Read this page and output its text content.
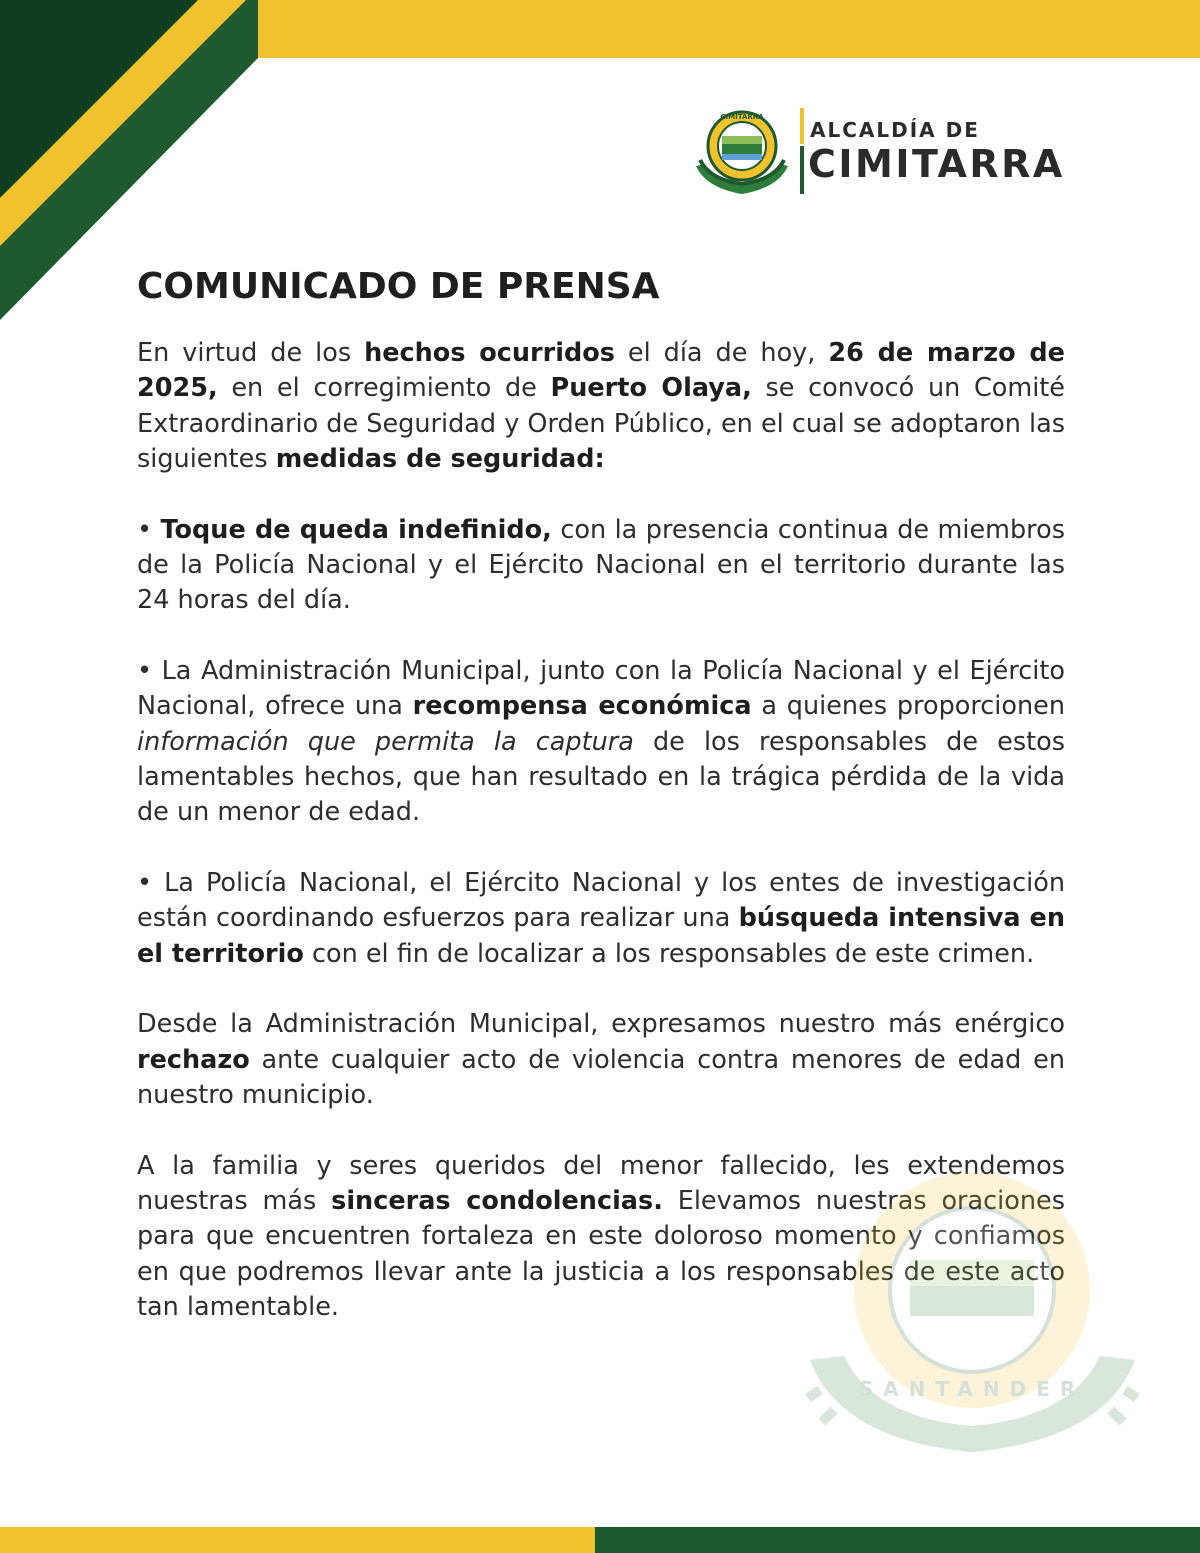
CIMITARRA
ALCALDÍA DE
CIMITARRA
COMUNICADO DE PRENSA

En virtud de los hechos ocurridos el día de hoy, 26 de marzo de 2025, en el corregimiento de Puerto Olaya, se convocó un Comité Extraordinario de Seguridad y Orden Público, en el cual se adoptaron las siguientes medidas de seguridad:

• Toque de queda indefinido, con la presencia continua de miembros de la Policía Nacional y el Ejército Nacional en el territorio durante las 24 horas del día.

• La Administración Municipal, junto con la Policía Nacional y el Ejército Nacional, ofrece una recompensa económica a quienes proporcionen información que permita la captura de los responsables de estos lamentables hechos, que han resultado en la trágica pérdida de la vida de un menor de edad.

• La Policía Nacional, el Ejército Nacional y los entes de investigación están coordinando esfuerzos para realizar una búsqueda intensiva en el territorio con el fin de localizar a los responsables de este crimen.

Desde la Administración Municipal, expresamos nuestro más enérgico rechazo ante cualquier acto de violencia contra menores de edad en nuestro municipio.

A la familia y seres queridos del menor fallecido, les extendemos nuestras más sinceras condolencias. Elevamos nuestras oraciones para que encuentren fortaleza en este doloroso momento y confiamos en que podremos llevar ante la justicia a los responsables de este acto tan lamentable.

SANTANDER
